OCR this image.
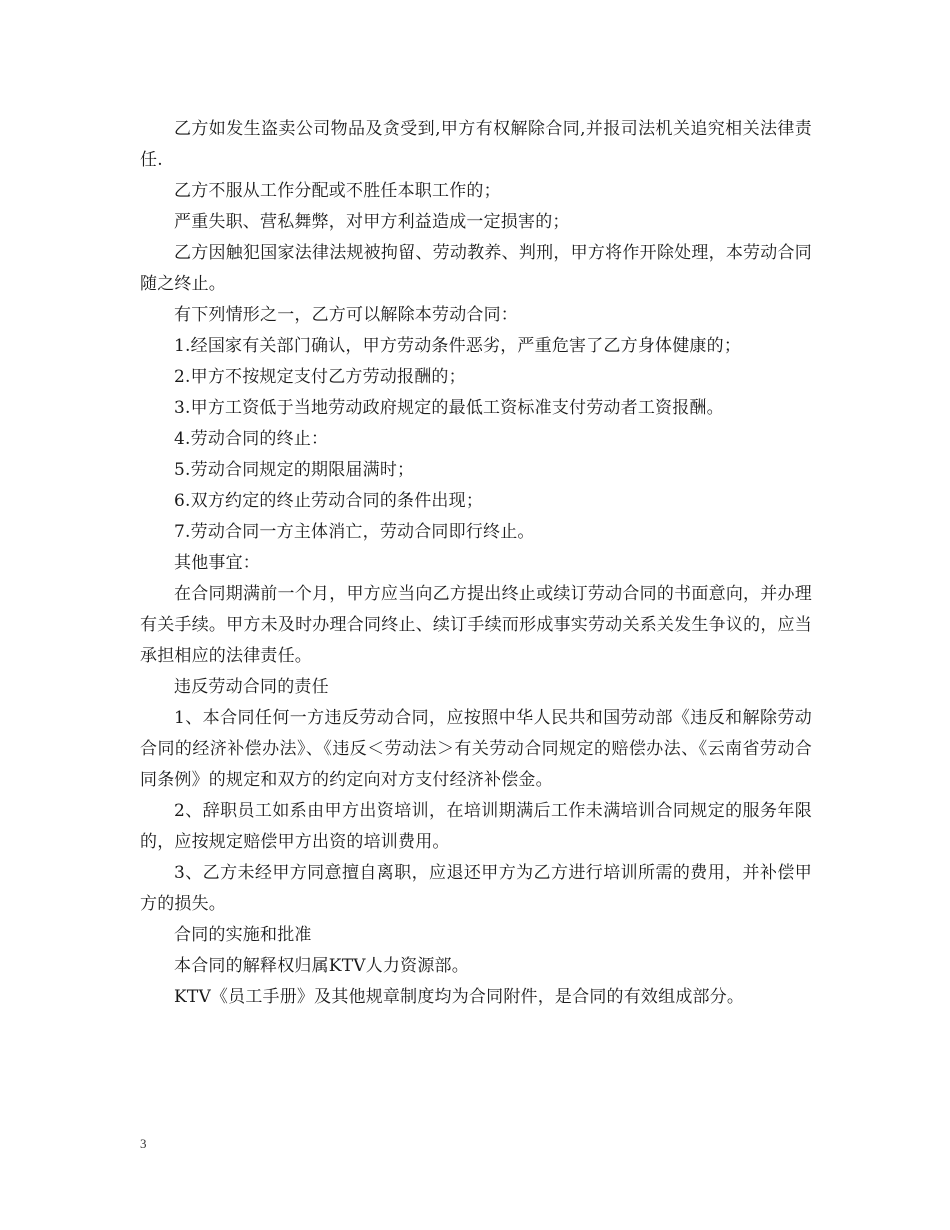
乙方如发生盗卖公司物品及贪受到,甲方有权解除合同,并报司法机关追究相关法律责任.

乙方不服从工作分配或不胜任本职工作的；

严重失职、营私舞弊，对甲方利益造成一定损害的；

乙方因触犯国家法律法规被拘留、劳动教养、判刑，甲方将作开除处理，本劳动合同随之终止。

有下列情形之一，乙方可以解除本劳动合同：

1.经国家有关部门确认，甲方劳动条件恶劣，严重危害了乙方身体健康的；

2.甲方不按规定支付乙方劳动报酬的；

3.甲方工资低于当地劳动政府规定的最低工资标准支付劳动者工资报酬。

4.劳动合同的终止：

5.劳动合同规定的期限届满时；

6.双方约定的终止劳动合同的条件出现；

7.劳动合同一方主体消亡，劳动合同即行终止。

其他事宜：

在合同期满前一个月，甲方应当向乙方提出终止或续订劳动合同的书面意向，并办理有关手续。甲方未及时办理合同终止、续订手续而形成事实劳动关系关发生争议的，应当承担相应的法律责任。

违反劳动合同的责任

1、本合同任何一方违反劳动合同，应按照中华人民共和国劳动部《违反和解除劳动合同的经济补偿办法》、《违反＜劳动法＞有关劳动合同规定的赔偿办法、《云南省劳动合同条例》的规定和双方的约定向对方支付经济补偿金。

2、辞职员工如系由甲方出资培训，在培训期满后工作未满培训合同规定的服务年限的，应按规定赔偿甲方出资的培训费用。

3、乙方未经甲方同意擅自离职，应退还甲方为乙方进行培训所需的费用，并补偿甲方的损失。

合同的实施和批准

本合同的解释权归属KTV人力资源部。

KTV《员工手册》及其他规章制度均为合同附件，是合同的有效组成部分。

3
